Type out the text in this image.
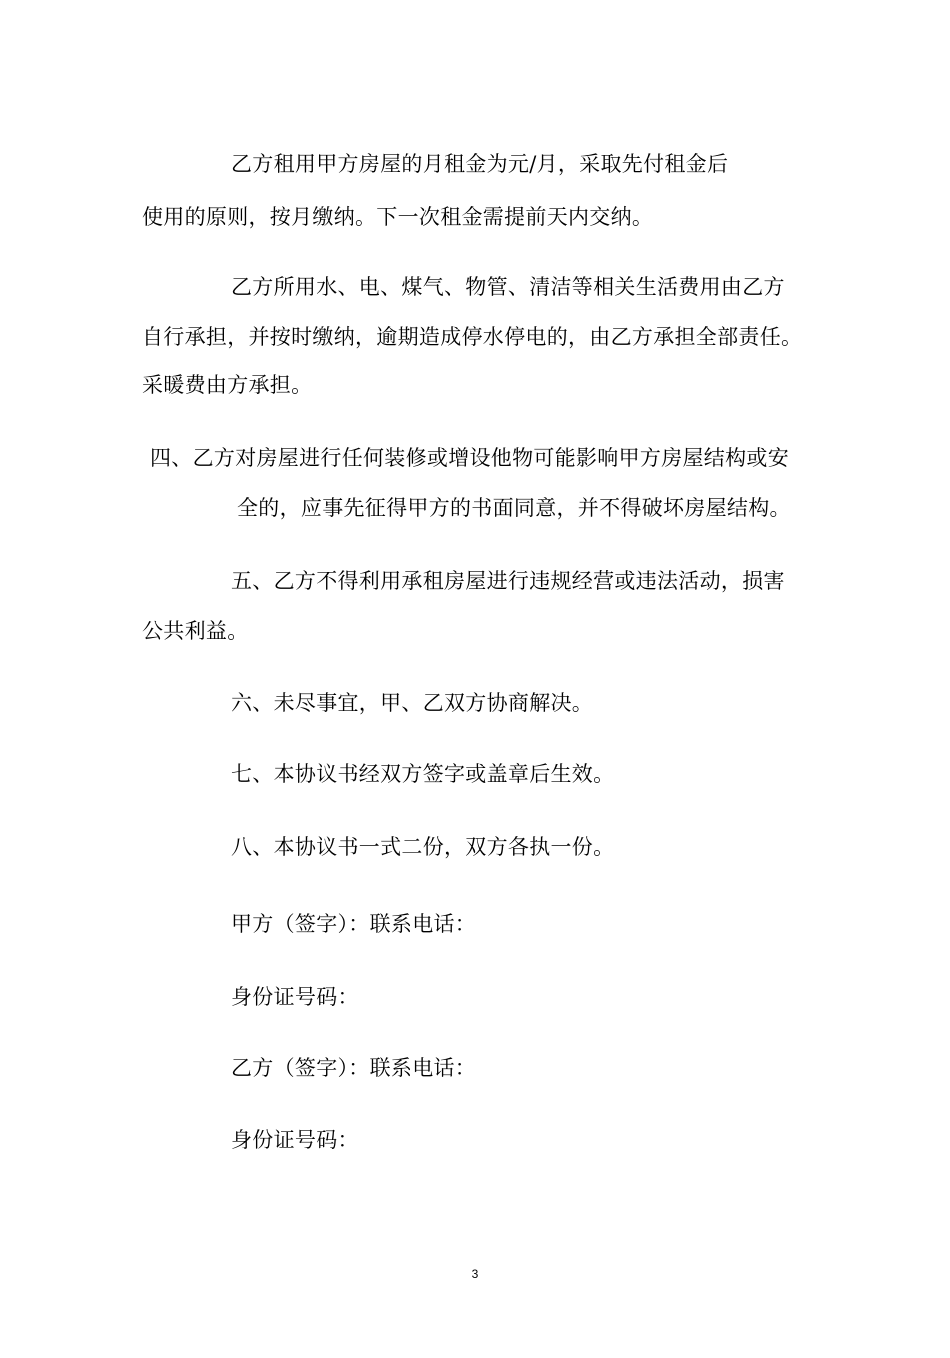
乙方租用甲方房屋的月租金为元/月，采取先付租金后
使用的原则，按月缴纳。下一次租金需提前天内交纳。
乙方所用水、电、煤气、物管、清洁等相关生活费用由乙方
自行承担，并按时缴纳，逾期造成停水停电的，由乙方承担全部责任。
采暖费由方承担。
四、乙方对房屋进行任何装修或增设他物可能影响甲方房屋结构或安
全的，应事先征得甲方的书面同意，并不得破坏房屋结构。
五、乙方不得利用承租房屋进行违规经营或违法活动，损害
公共利益。
六、未尽事宜，甲、乙双方协商解决。
七、本协议书经双方签字或盖章后生效。
八、本协议书一式二份，双方各执一份。
甲方（签字）：联系电话：
身份证号码：
乙方（签字）：联系电话：
身份证号码：
3
